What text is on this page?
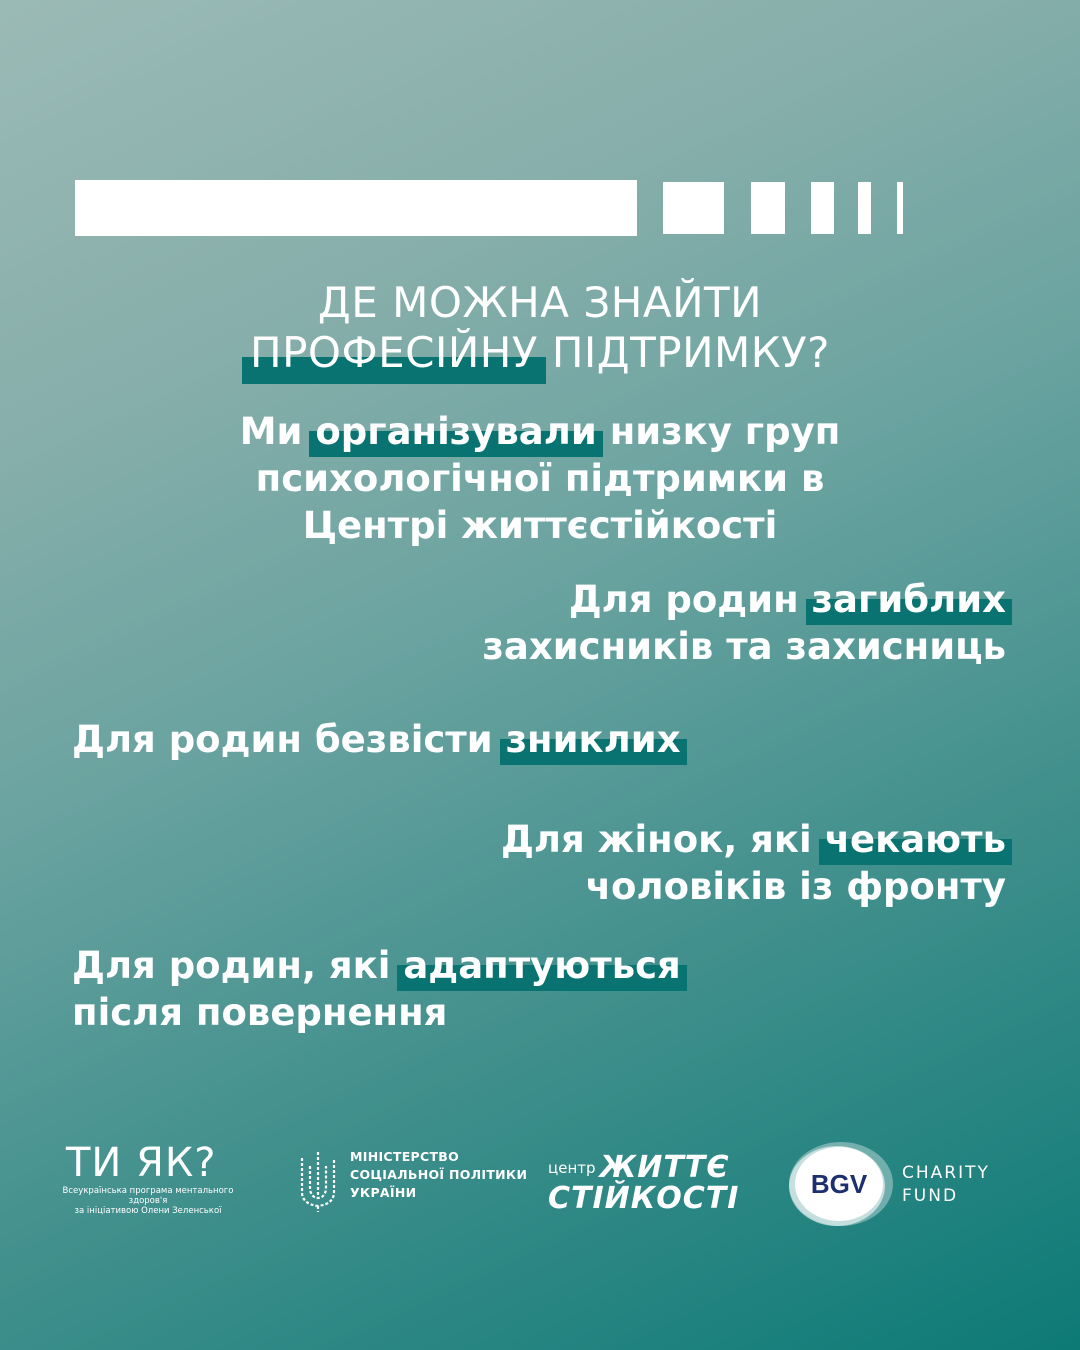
ДЕ МОЖНА ЗНАЙТИ
ПРОФЕСІЙНУ ПІДТРИМКУ?
Ми організували низку груп
психологічної підтримки в
Центрі життєстійкості
Для родин загиблих
захисників та захисниць
Для родин безвісти зниклих
Для жінок, які чекають
чоловіків із фронту
Для родин, які адаптуються
після повернення
ТИ ЯК?
Всеукраїнська програма ментального здоров'я
за ініціативою Олени Зеленської
МІНІСТЕРСТВО
СОЦІАЛЬНОЇ ПОЛІТИКИ
УКРАЇНИ
центр ЖИТТЄ
СТІЙКОСТІ	BGV CHARITY
FUND
